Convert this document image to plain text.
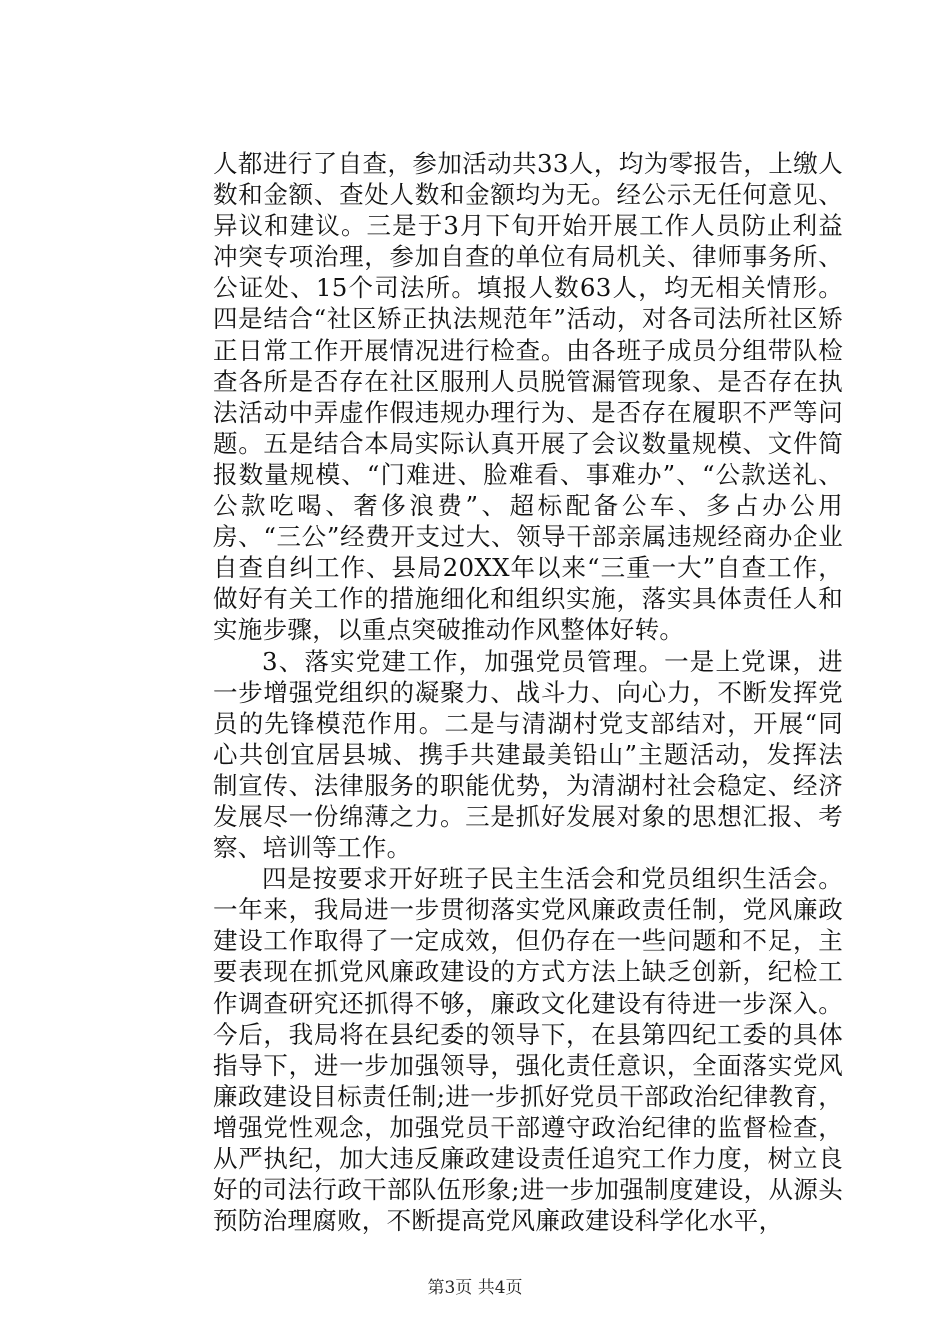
人都进行了自查，参加活动共33人，均为零报告，上缴人数和金额、查处人数和金额均为无。经公示无任何意见、异议和建议。三是于3月下旬开始开展工作人员防止利益冲突专项治理，参加自查的单位有局机关、律师事务所、公证处、15个司法所。填报人数63人，均无相关情形。四是结合“社区矫正执法规范年”活动，对各司法所社区矫正日常工作开展情况进行检查。由各班子成员分组带队检查各所是否存在社区服刑人员脱管漏管现象、是否存在执法活动中弄虚作假违规办理行为、是否存在履职不严等问题。五是结合本局实际认真开展了会议数量规模、文件简报数量规模、“门难进、脸难看、事难办”、“公款送礼、公款吃喝、奢侈浪费”、超标配备公车、多占办公用房、“三公”经费开支过大、领导干部亲属违规经商办企业自查自纠工作、县局20XX年以来“三重一大”自查工作，做好有关工作的措施细化和组织实施，落实具体责任人和实施步骤，以重点突破推动作风整体好转。

3、落实党建工作，加强党员管理。一是上党课，进一步增强党组织的凝聚力、战斗力、向心力，不断发挥党员的先锋模范作用。二是与清湖村党支部结对，开展“同心共创宜居县城、携手共建最美铅山”主题活动，发挥法制宣传、法律服务的职能优势，为清湖村社会稳定、经济发展尽一份绵薄之力。三是抓好发展对象的思想汇报、考察、培训等工作。

四是按要求开好班子民主生活会和党员组织生活会。一年来，我局进一步贯彻落实党风廉政责任制，党风廉政建设工作取得了一定成效，但仍存在一些问题和不足，主要表现在抓党风廉政建设的方式方法上缺乏创新，纪检工作调查研究还抓得不够，廉政文化建设有待进一步深入。今后，我局将在县纪委的领导下，在县第四纪工委的具体指导下，进一步加强领导，强化责任意识，全面落实党风廉政建设目标责任制;进一步抓好党员干部政治纪律教育，增强党性观念，加强党员干部遵守政治纪律的监督检查，从严执纪，加大违反廉政建设责任追究工作力度，树立良好的司法行政干部队伍形象;进一步加强制度建设，从源头预防治理腐败，不断提高党风廉政建设科学化水平，

第3页 共4页
